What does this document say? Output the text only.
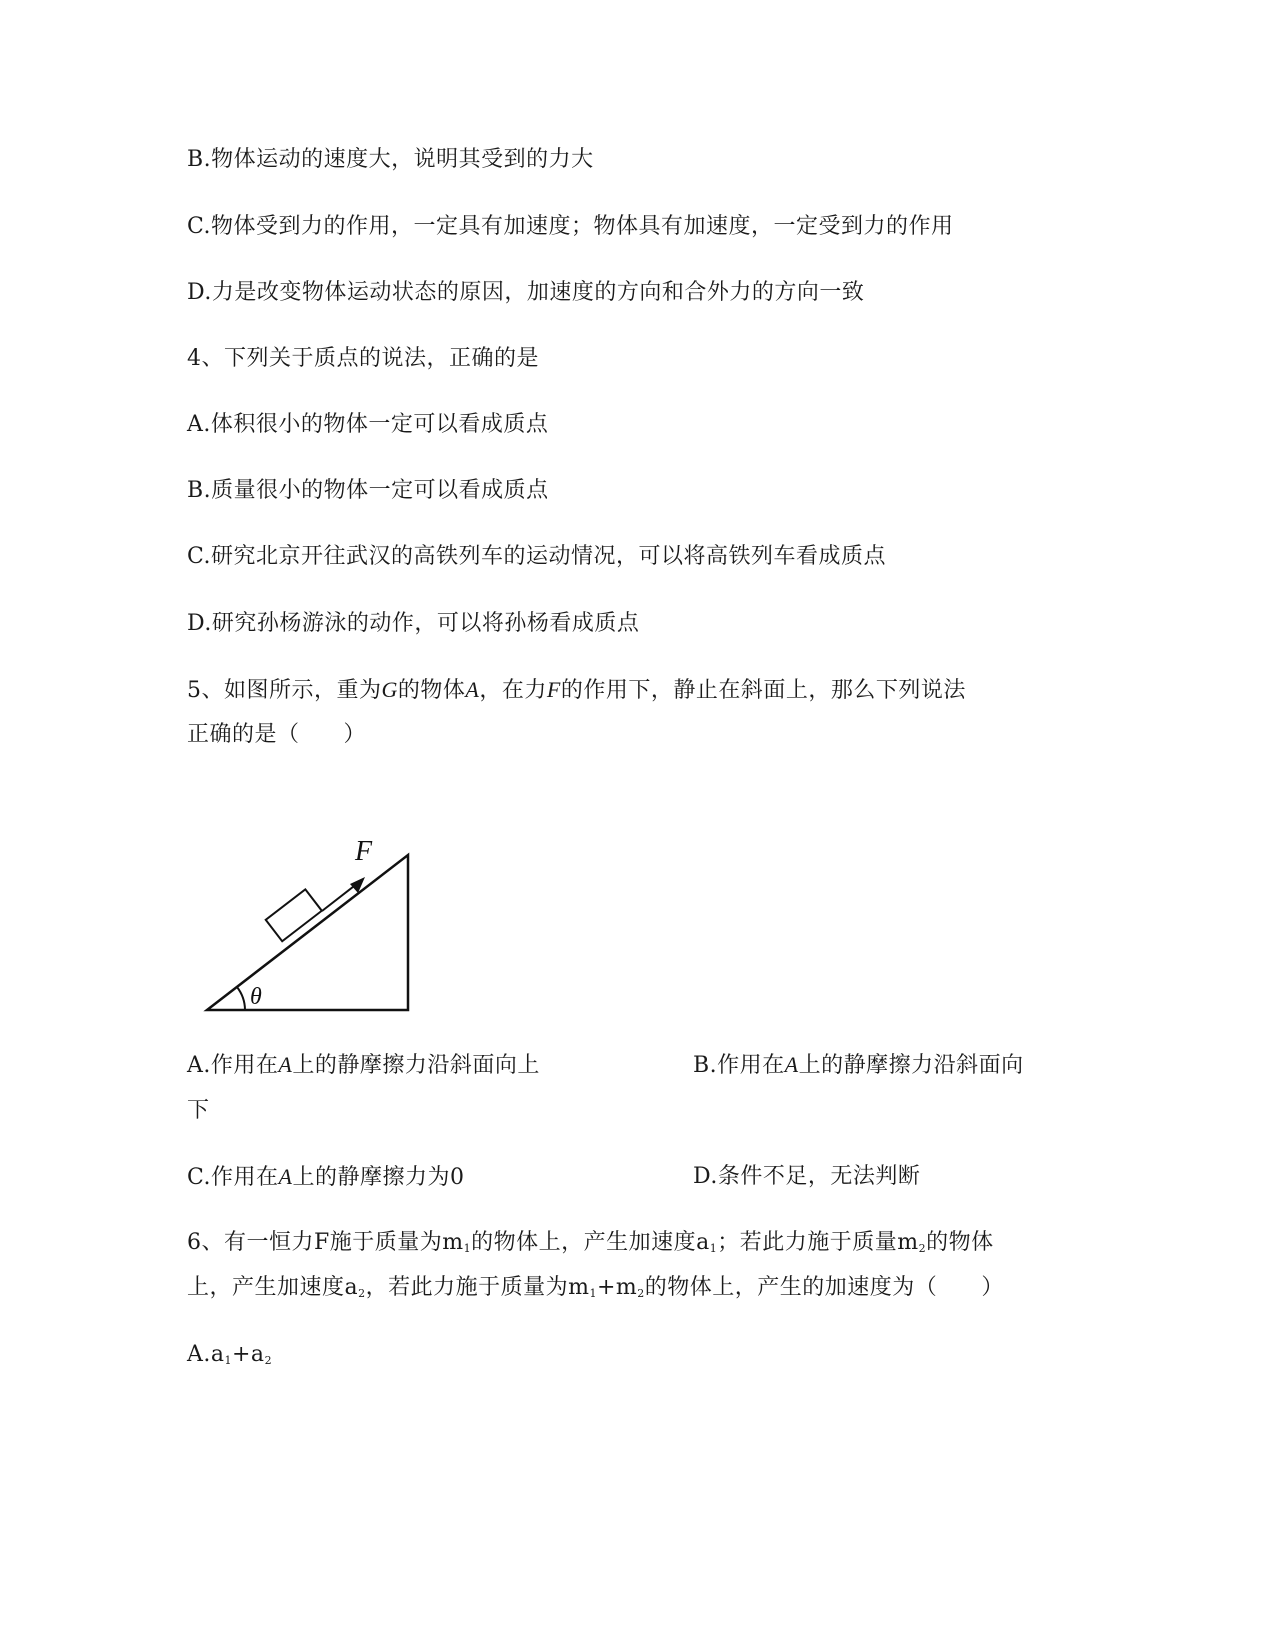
B.物体运动的速度大，说明其受到的力大
C.物体受到力的作用，一定具有加速度；物体具有加速度，一定受到力的作用
D.力是改变物体运动状态的原因，加速度的方向和合外力的方向一致
4、下列关于质点的说法，正确的是
A.体积很小的物体一定可以看成质点
B.质量很小的物体一定可以看成质点
C.研究北京开往武汉的高铁列车的运动情况，可以将高铁列车看成质点
D.研究孙杨游泳的动作，可以将孙杨看成质点
5、如图所示，重为G的物体A，在力F的作用下，静止在斜面上，那么下列说法
正确的是（ ）
F
θ
A.作用在A上的静摩擦力沿斜面向上	B.作用在A上的静摩擦力沿斜面向
下
C.作用在A上的静摩擦力为0	D.条件不足，无法判断
6、有一恒力F施于质量为$m_1$的物体上，产生加速度$a_1$；若此力施于质量$m_2$的物体
上，产生加速度$a_2$，若此力施于质量为$m_1+m_2$的物体上，产生的加速度为（ ）
$A.a_1+a_2$
